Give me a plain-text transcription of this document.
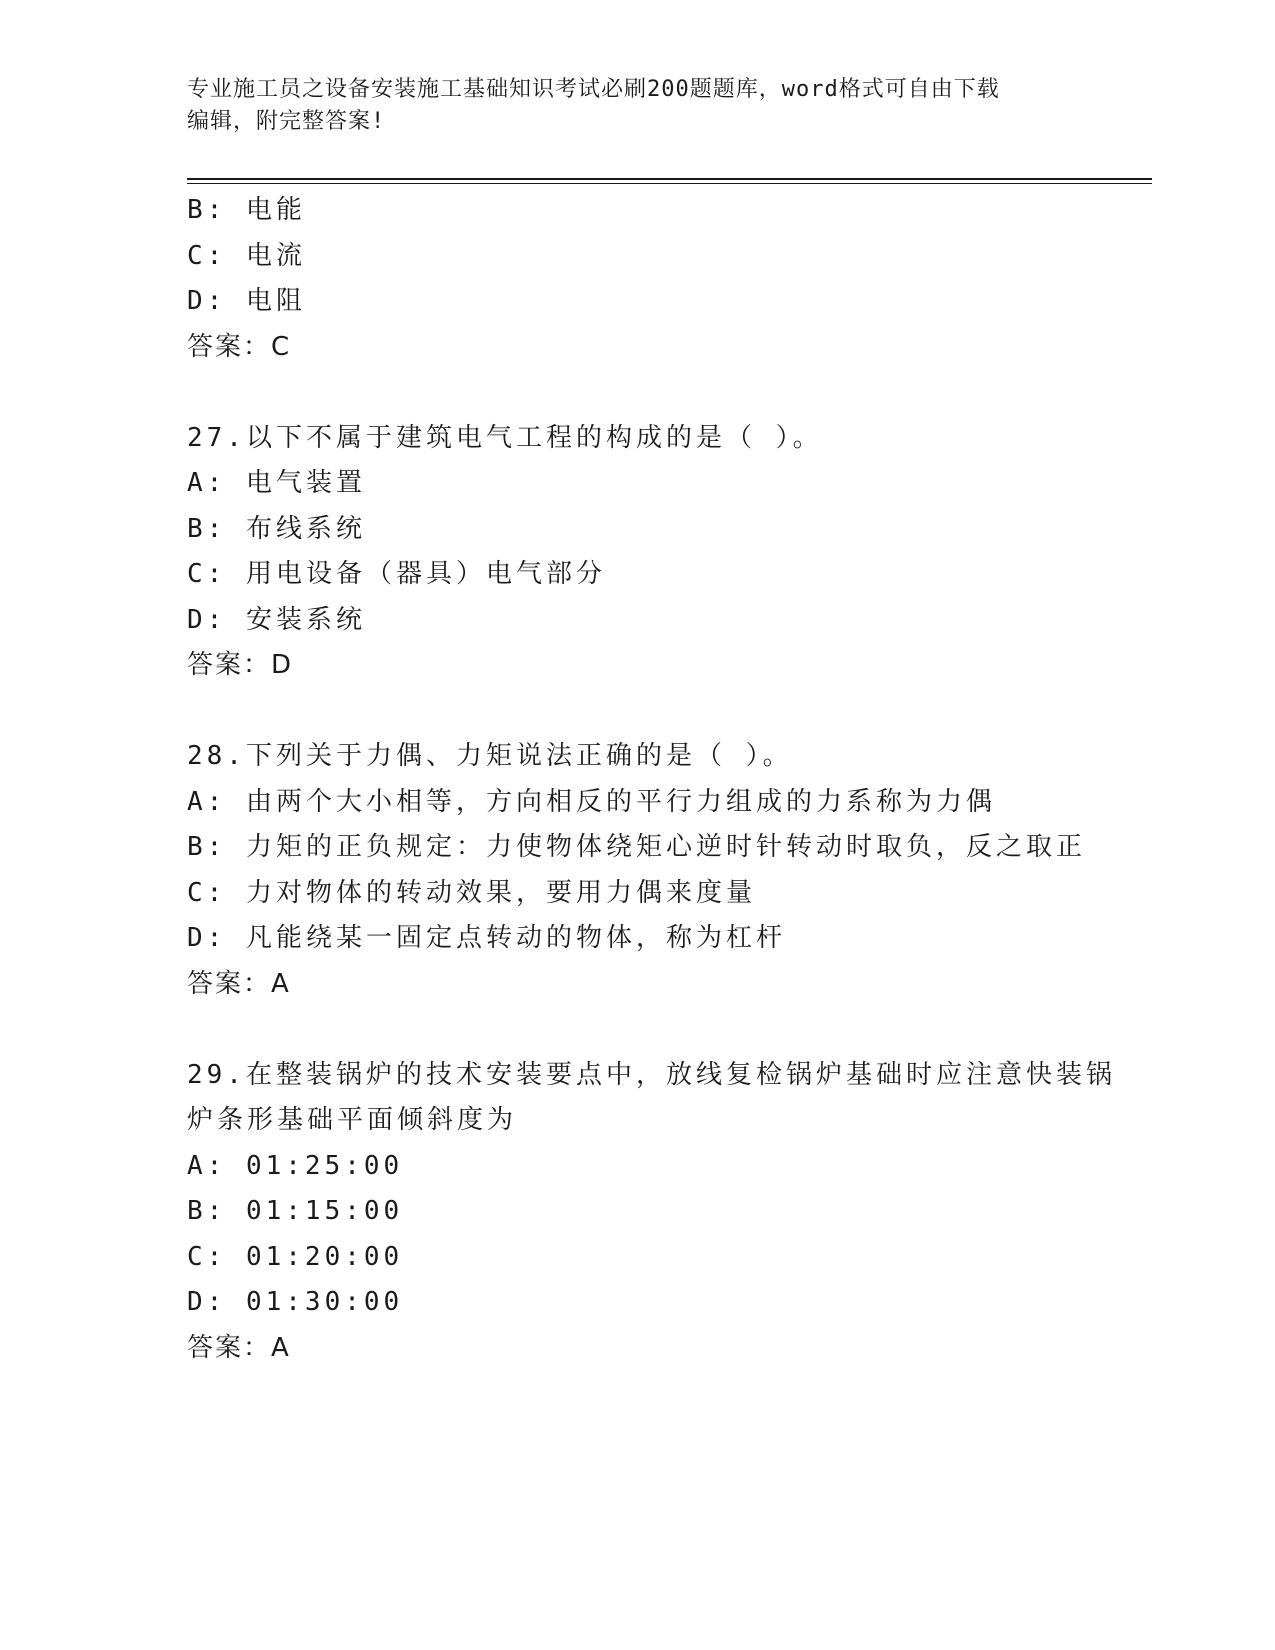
专业施工员之设备安装施工基础知识考试必刷200题题库，word格式可自由下载
编辑，附完整答案!
B: 电能
C: 电流
D: 电阻
答案：C
27.以下不属于建筑电气工程的构成的是（ ）。
A: 电气装置
B: 布线系统
C: 用电设备（器具）电气部分
D: 安装系统
答案：D
28.下列关于力偶、力矩说法正确的是（ ）。
A: 由两个大小相等，方向相反的平行力组成的力系称为力偶
B: 力矩的正负规定：力使物体绕矩心逆时针转动时取负，反之取正
C: 力对物体的转动效果，要用力偶来度量
D: 凡能绕某一固定点转动的物体，称为杠杆
答案：A
29.在整装锅炉的技术安装要点中，放线复检锅炉基础时应注意快装锅
炉条形基础平面倾斜度为
A: 01:25:00
B: 01:15:00
C: 01:20:00
D: 01:30:00
答案：A
